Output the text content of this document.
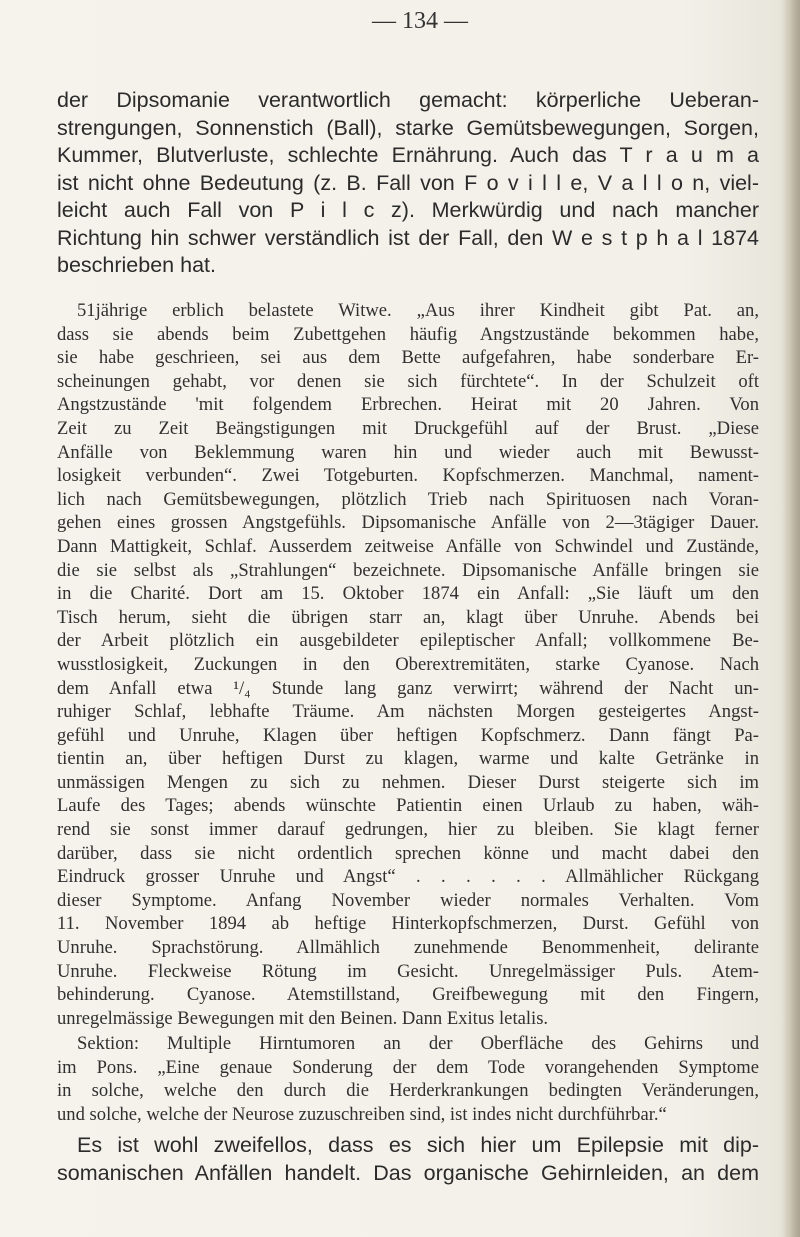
— 134 —
der Dipsomanie verantwortlich gemacht: körperliche Ueberan-
strengungen, Sonnenstich (Ball), starke Gemütsbewegungen, Sorgen,
Kummer, Blutverluste, schlechte Ernährung. Auch das T r a u m a
ist nicht ohne Bedeutung (z. B. Fall von F o v i l l e, V a l l o n, viel-
leicht auch Fall von P i l c z). Merkwürdig und nach mancher
Richtung hin schwer verständlich ist der Fall, den W e s t p h a l 1874
beschrieben hat.
51jährige erblich belastete Witwe. „Aus ihrer Kindheit gibt Pat. an,
dass sie abends beim Zubettgehen häufig Angstzustände bekommen habe,
sie habe geschrieen, sei aus dem Bette aufgefahren, habe sonderbare Er-
scheinungen gehabt, vor denen sie sich fürchtete“. In der Schulzeit oft
Angstzustände 'mit folgendem Erbrechen. Heirat mit 20 Jahren. Von
Zeit zu Zeit Beängstigungen mit Druckgefühl auf der Brust. „Diese
Anfälle von Beklemmung waren hin und wieder auch mit Bewusst-
losigkeit verbunden“. Zwei Totgeburten. Kopfschmerzen. Manchmal, nament-
lich nach Gemütsbewegungen, plötzlich Trieb nach Spirituosen nach Voran-
gehen eines grossen Angstgefühls. Dipsomanische Anfälle von 2—3tägiger Dauer.
Dann Mattigkeit, Schlaf. Ausserdem zeitweise Anfälle von Schwindel und Zustände,
die sie selbst als „Strahlungen“ bezeichnete. Dipsomanische Anfälle bringen sie
in die Charité. Dort am 15. Oktober 1874 ein Anfall: „Sie läuft um den
Tisch herum, sieht die übrigen starr an, klagt über Unruhe. Abends bei
der Arbeit plötzlich ein ausgebildeter epileptischer Anfall; vollkommene Be-
wusstlosigkeit, Zuckungen in den Oberextremitäten, starke Cyanose. Nach
dem Anfall etwa ¹/₄ Stunde lang ganz verwirrt; während der Nacht un-
ruhiger Schlaf, lebhafte Träume. Am nächsten Morgen gesteigertes Angst-
gefühl und Unruhe, Klagen über heftigen Kopfschmerz. Dann fängt Pa-
tientin an, über heftigen Durst zu klagen, warme und kalte Getränke in
unmässigen Mengen zu sich zu nehmen. Dieser Durst steigerte sich im
Laufe des Tages; abends wünschte Patientin einen Urlaub zu haben, wäh-
rend sie sonst immer darauf gedrungen, hier zu bleiben. Sie klagt ferner
darüber, dass sie nicht ordentlich sprechen könne und macht dabei den
Eindruck grosser Unruhe und Angst“ . . . . . . Allmählicher Rückgang
dieser Symptome. Anfang November wieder normales Verhalten. Vom
11. November 1894 ab heftige Hinterkopfschmerzen, Durst. Gefühl von
Unruhe. Sprachstörung. Allmählich zunehmende Benommenheit, delirante
Unruhe. Fleckweise Rötung im Gesicht. Unregelmässiger Puls. Atem-
behinderung. Cyanose. Atemstillstand, Greifbewegung mit den Fingern,
unregelmässige Bewegungen mit den Beinen. Dann Exitus letalis.
Sektion: Multiple Hirntumoren an der Oberfläche des Gehirns und
im Pons. „Eine genaue Sonderung der dem Tode vorangehenden Symptome
in solche, welche den durch die Herderkrankungen bedingten Veränderungen,
und solche, welche der Neurose zuzuschreiben sind, ist indes nicht durchführbar.“
Es ist wohl zweifellos, dass es sich hier um Epilepsie mit dip-
somanischen Anfällen handelt. Das organische Gehirnleiden, an dem
